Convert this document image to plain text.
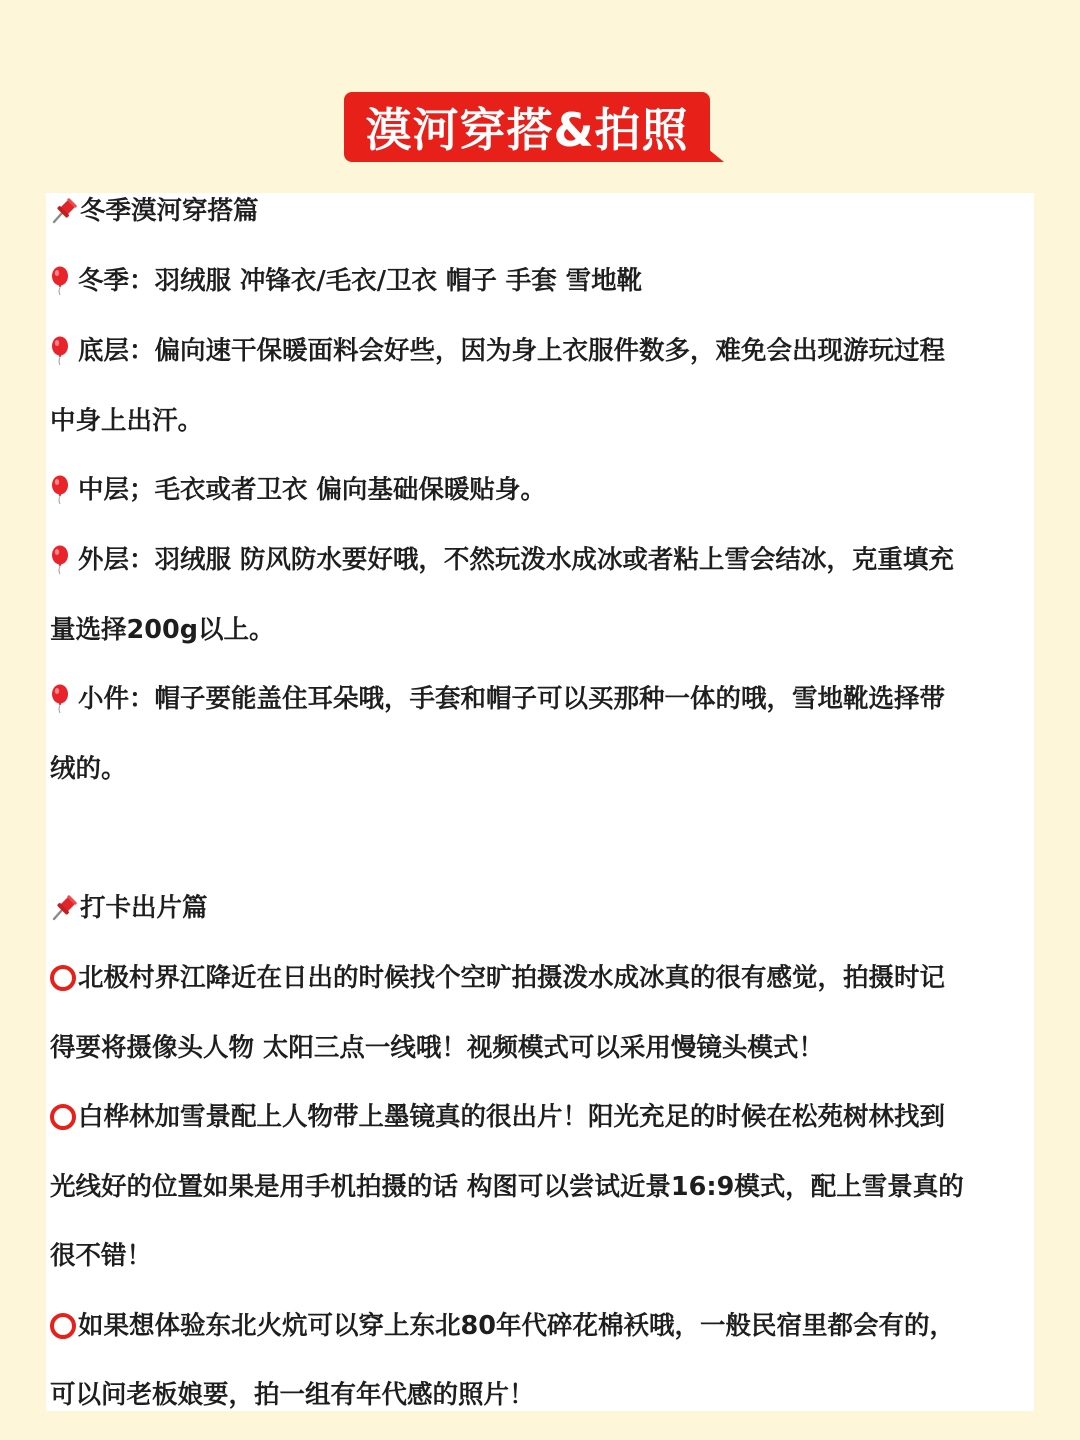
漠河穿搭&拍照
冬季漠河穿搭篇
冬季：羽绒服 冲锋衣/毛衣/卫衣 帽子 手套 雪地靴
底层：偏向速干保暖面料会好些，因为身上衣服件数多，难免会出现游玩过程
中身上出汗。
中层；毛衣或者卫衣 偏向基础保暖贴身。
外层：羽绒服 防风防水要好哦，不然玩泼水成冰或者粘上雪会结冰，克重填充
量选择200g以上。
小件：帽子要能盖住耳朵哦，手套和帽子可以买那种一体的哦，雪地靴选择带
绒的。
打卡出片篇
北极村界江降近在日出的时候找个空旷拍摄泼水成冰真的很有感觉，拍摄时记
得要将摄像头人物 太阳三点一线哦！视频模式可以采用慢镜头模式！
白桦林加雪景配上人物带上墨镜真的很出片！阳光充足的时候在松苑树林找到
光线好的位置如果是用手机拍摄的话 构图可以尝试近景16:9模式，配上雪景真的
很不错！
如果想体验东北火炕可以穿上东北80年代碎花棉袄哦，一般民宿里都会有的，
可以问老板娘要，拍一组有年代感的照片！
